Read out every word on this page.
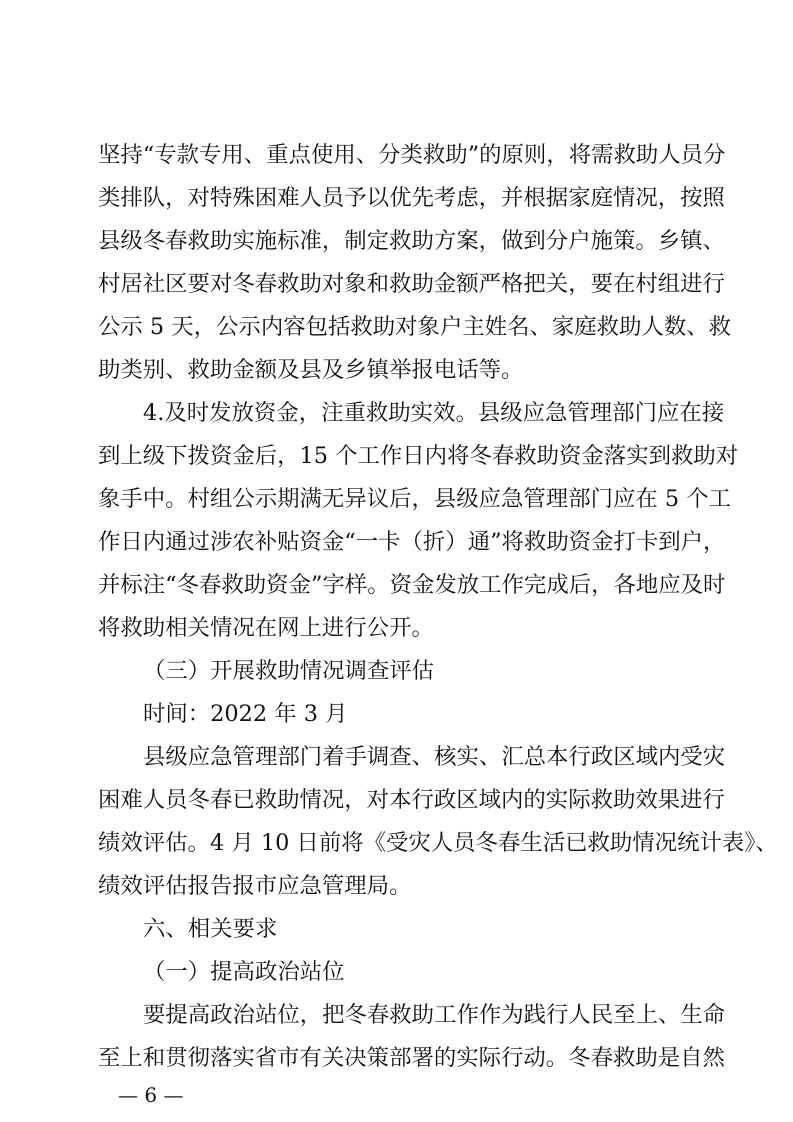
坚持“专款专用、重点使用、分类救助”的原则，将需救助人员分
类排队，对特殊困难人员予以优先考虑，并根据家庭情况，按照
县级冬春救助实施标准，制定救助方案，做到分户施策。乡镇、
村居社区要对冬春救助对象和救助金额严格把关，要在村组进行
公示 5 天，公示内容包括救助对象户主姓名、家庭救助人数、救
助类别、救助金额及县及乡镇举报电话等。
4.及时发放资金，注重救助实效。县级应急管理部门应在接
到上级下拨资金后，15 个工作日内将冬春救助资金落实到救助对
象手中。村组公示期满无异议后，县级应急管理部门应在 5 个工
作日内通过涉农补贴资金“一卡（折）通”将救助资金打卡到户，
并标注“冬春救助资金”字样。资金发放工作完成后，各地应及时
将救助相关情况在网上进行公开。
（三）开展救助情况调查评估
时间：2022 年 3 月
县级应急管理部门着手调查、核实、汇总本行政区域内受灾
困难人员冬春已救助情况，对本行政区域内的实际救助效果进行
绩效评估。4 月 10 日前将《受灾人员冬春生活已救助情况统计表》、
绩效评估报告报市应急管理局。
六、相关要求
（一）提高政治站位
要提高政治站位，把冬春救助工作作为践行人民至上、生命
至上和贯彻落实省市有关决策部署的实际行动。冬春救助是自然
— 6 —
